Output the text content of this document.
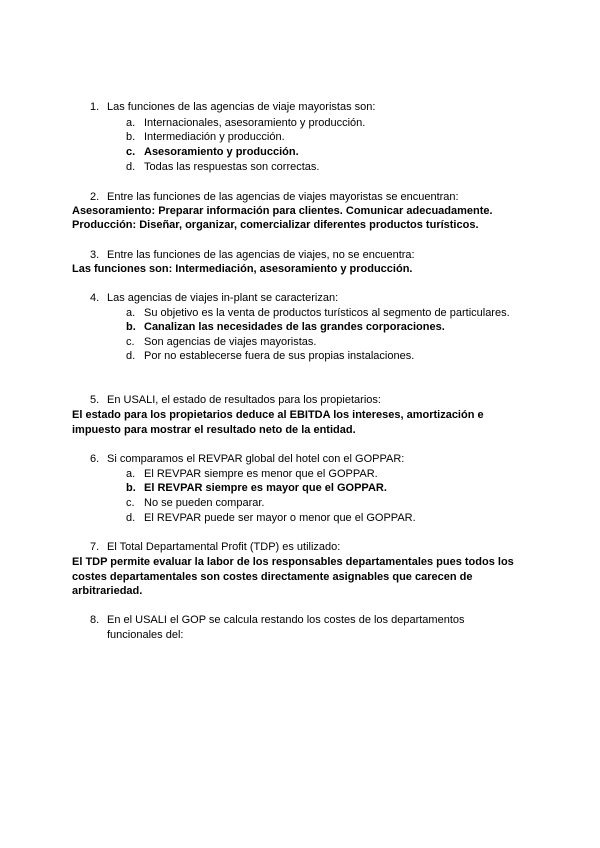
1. Las funciones de las agencias de viaje mayoristas son:
a. Internacionales, asesoramiento y producción.
b. Intermediación y producción.
c. Asesoramiento y producción.
d. Todas las respuestas son correctas.
2. Entre las funciones de las agencias de viajes mayoristas se encuentran:
Asesoramiento: Preparar información para clientes. Comunicar adecuadamente.
Producción: Diseñar, organizar, comercializar diferentes productos turísticos.
3. Entre las funciones de las agencias de viajes, no se encuentra:
Las funciones son: Intermediación, asesoramiento y producción.
4. Las agencias de viajes in-plant se caracterizan:
a. Su objetivo es la venta de productos turísticos al segmento de particulares.
b. Canalizan las necesidades de las grandes corporaciones.
c. Son agencias de viajes mayoristas.
d. Por no establecerse fuera de sus propias instalaciones.
5. En USALI, el estado de resultados para los propietarios:
El estado para los propietarios deduce al EBITDA los intereses, amortización e
impuesto para mostrar el resultado neto de la entidad.
6. Si comparamos el REVPAR global del hotel con el GOPPAR:
a. El REVPAR siempre es menor que el GOPPAR.
b. El REVPAR siempre es mayor que el GOPPAR.
c. No se pueden comparar.
d. El REVPAR puede ser mayor o menor que el GOPPAR.
7. El Total Departamental Profit (TDP) es utilizado:
El TDP permite evaluar la labor de los responsables departamentales pues todos los
costes departamentales son costes directamente asignables que carecen de
arbitrariedad.
8. En el USALI el GOP se calcula restando los costes de los departamentos
funcionales del:
